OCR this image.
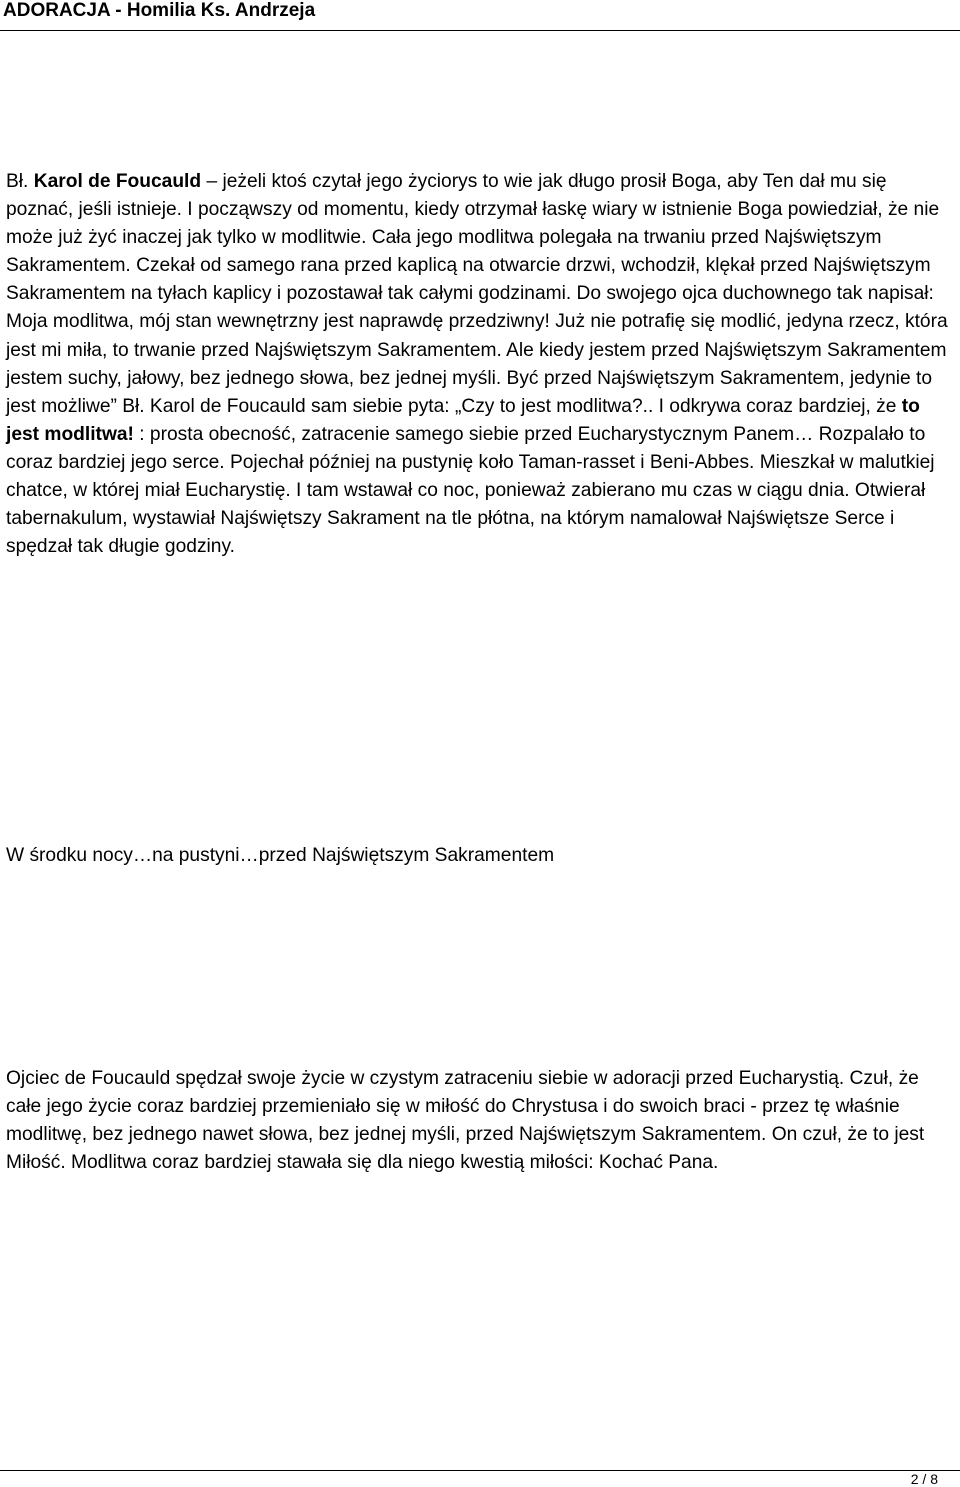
ADORACJA - Homilia Ks. Andrzeja

Bł. Karol de Foucauld – jeżeli ktoś czytał jego życiorys to wie jak długo prosił Boga, aby Ten dał mu się poznać, jeśli istnieje. I począwszy od momentu, kiedy otrzymał łaskę wiary w istnienie Boga powiedział, że nie może już żyć inaczej jak tylko w modlitwie. Cała jego modlitwa polegała na trwaniu przed Najświętszym Sakramentem. Czekał od samego rana przed kaplicą na otwarcie drzwi, wchodził, klękał przed Najświętszym Sakramentem na tyłach kaplicy i pozostawał tak całymi godzinami. Do swojego ojca duchownego tak napisał: Moja modlitwa, mój stan wewnętrzny jest naprawdę przedziwny! Już nie potrafię się modlić, jedyna rzecz, która jest mi miła, to trwanie przed Najświętszym Sakramentem. Ale kiedy jestem przed Najświętszym Sakramentem jestem suchy, jałowy, bez jednego słowa, bez jednej myśli. Być przed Najświętszym Sakramentem, jedynie to jest możliwe” Bł. Karol de Foucauld sam siebie pyta: „Czy to jest modlitwa?.. I odkrywa coraz bardziej, że to jest modlitwa! : prosta obecność, zatracenie samego siebie przed Eucharystycznym Panem… Rozpalało to coraz bardziej jego serce. Pojechał później na pustynię koło Taman-rasset i Beni-Abbes. Mieszkał w malutkiej chatce, w której miał Eucharystię. I tam wstawał co noc, ponieważ zabierano mu czas w ciągu dnia. Otwierał tabernakulum, wystawiał Najświętszy Sakrament na tle płótna, na którym namalował Najświętsze Serce i spędzał tak długie godziny.

W środku nocy…na pustyni…przed Najświętszym Sakramentem

Ojciec de Foucauld spędzał swoje życie w czystym zatraceniu siebie w adoracji przed Eucharystią. Czuł, że całe jego życie coraz bardziej przemieniało się w miłość do Chrystusa i do swoich braci - przez tę właśnie modlitwę, bez jednego nawet słowa, bez jednej myśli, przed Najświętszym Sakramentem. On czuł, że to jest Miłość. Modlitwa coraz bardziej stawała się dla niego kwestią miłości: Kochać Pana.

2 / 8
